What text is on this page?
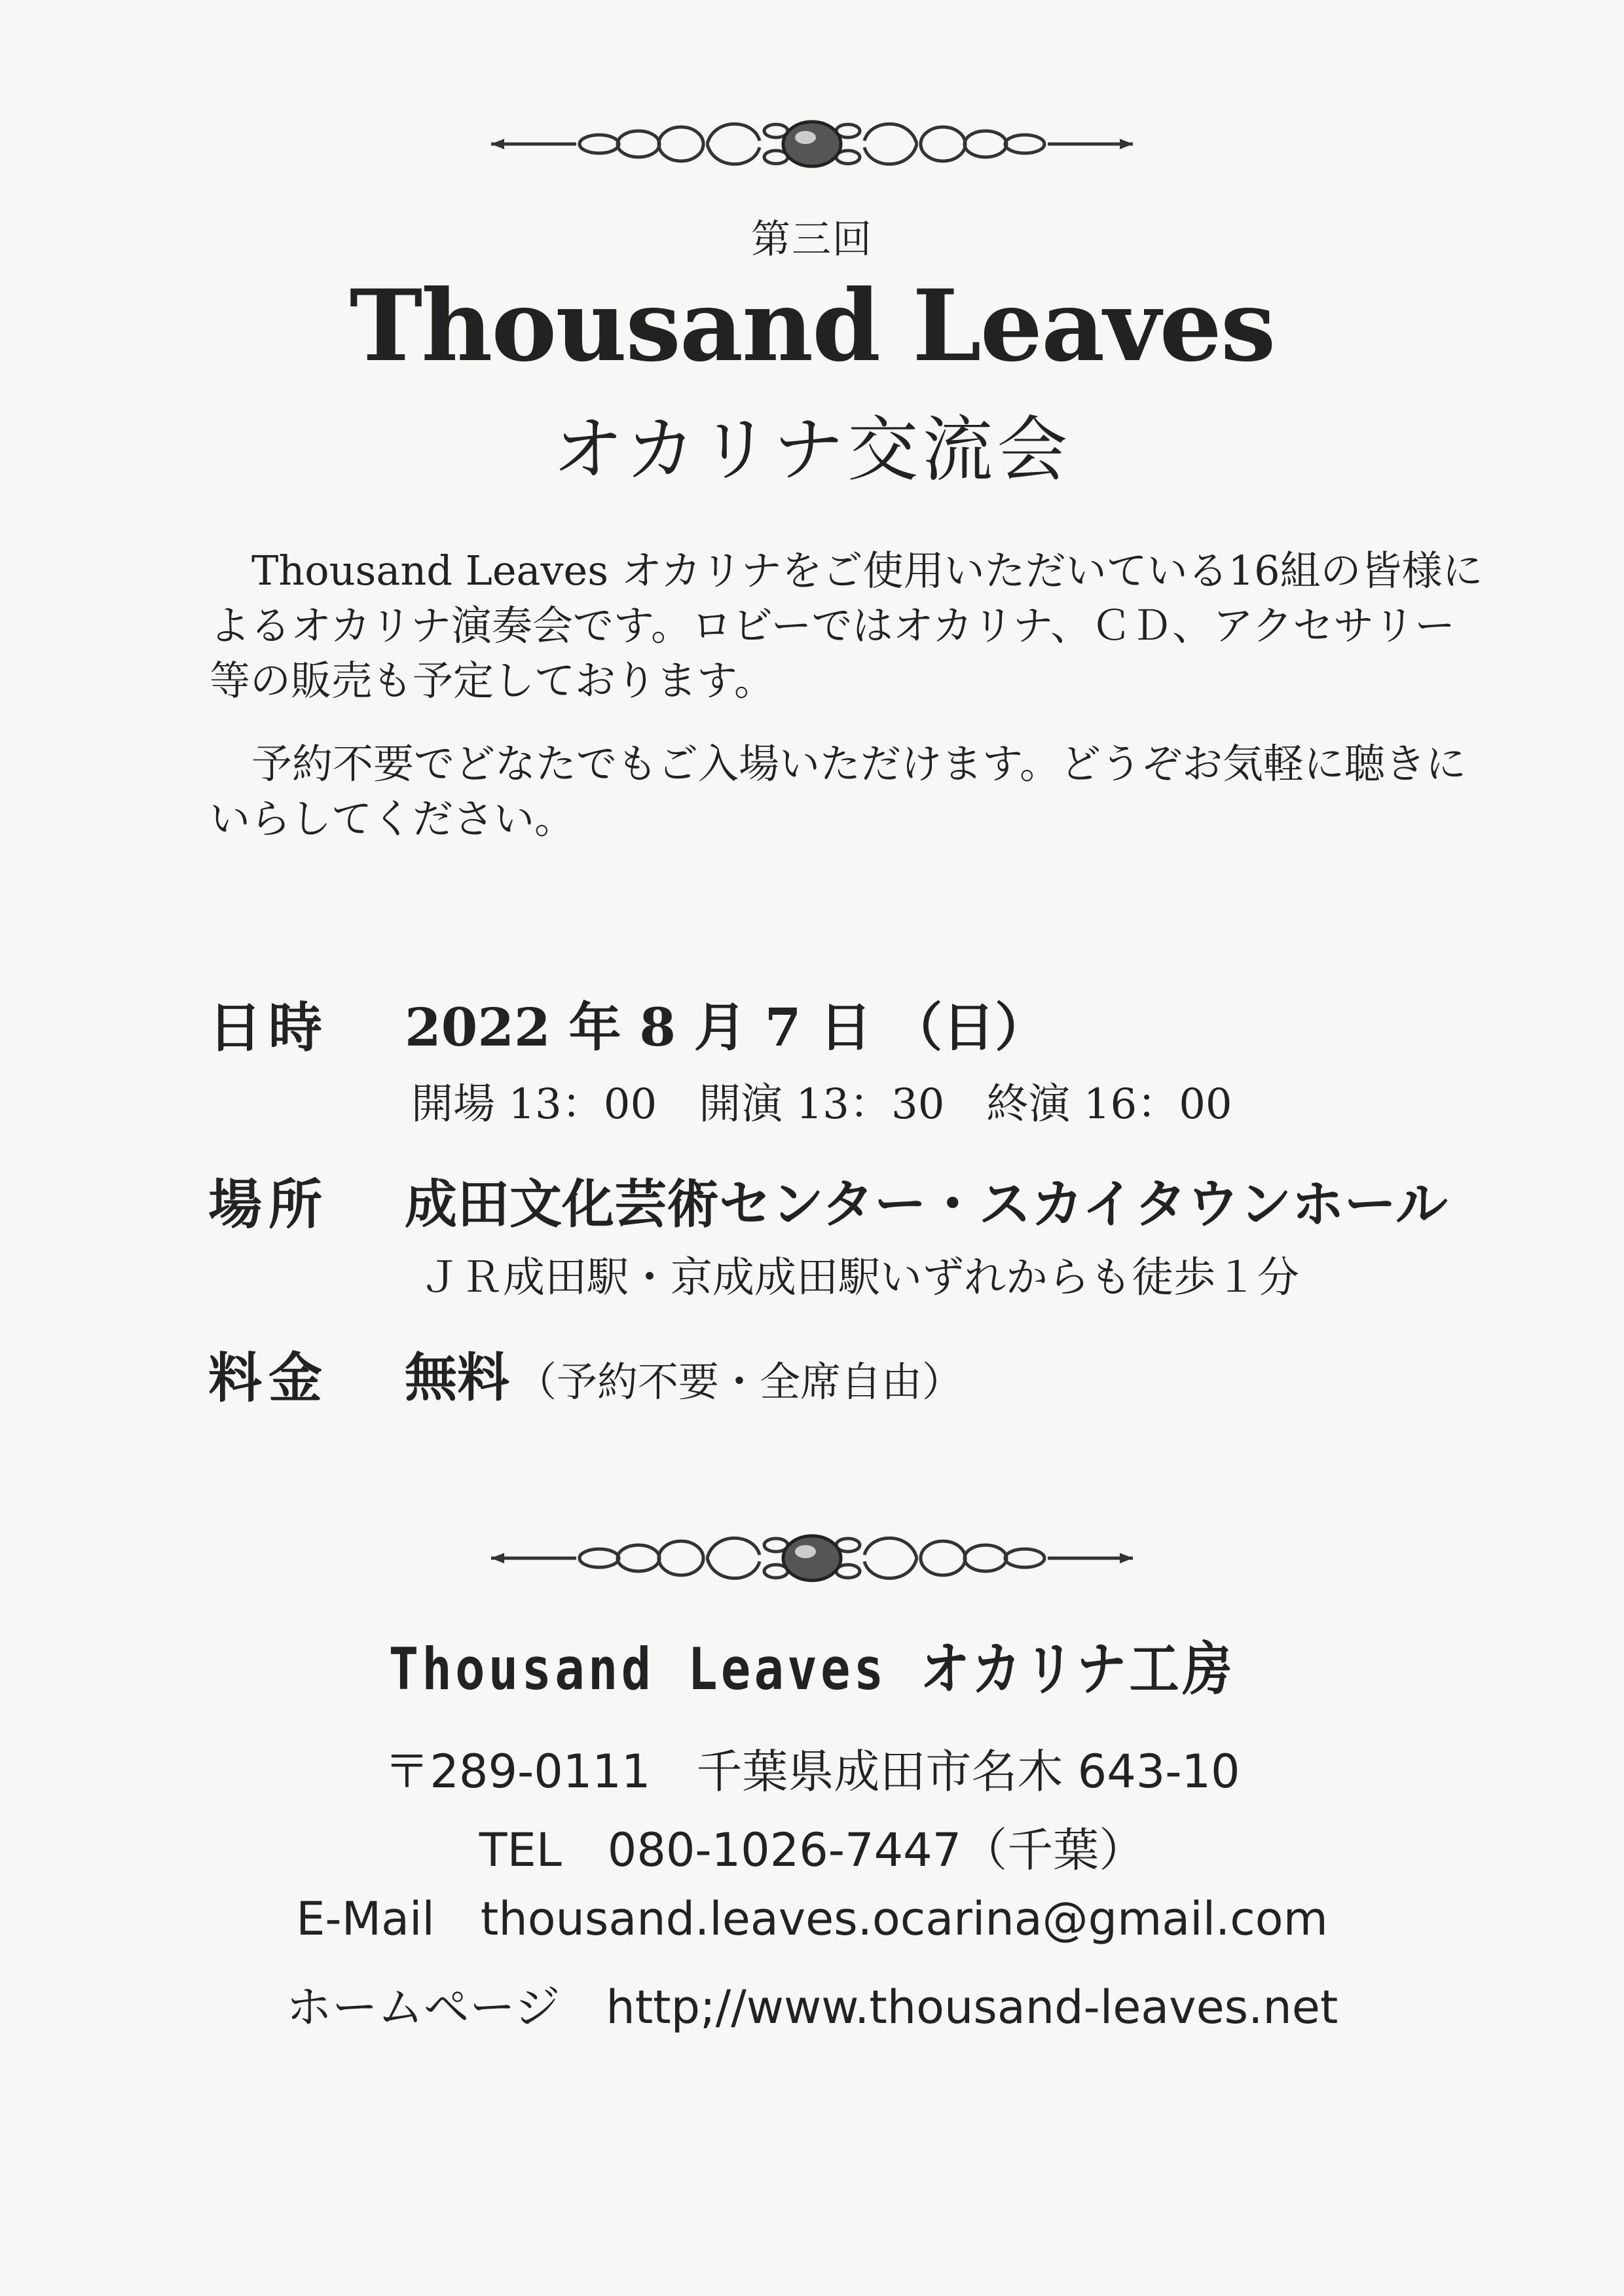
第三回
Thousand Leaves
オカリナ交流会
Thousand Leaves オカリナをご使用いただいている16組の皆様によるオカリナ演奏会です。ロビーではオカリナ、ＣＤ、アクセサリー等の販売も予定しております。
予約不要でどなたでもご入場いただけます。どうぞお気軽に聴きにいらしてください。
日時 2022 年 8 月 7 日 （日）
開場 13：00　開演 13：30　終演 16：00
場所 成田文化芸術センター・スカイタウンホール
ＪＲ成田駅・京成成田駅いずれからも徒歩１分
料金 無料 （予約不要・全席自由）
Thousand Leaves オカリナ工房
〒289-0111　千葉県成田市名木 643-10
TEL 080-1026-7447（千葉）
E-Mail thousand.leaves.ocarina@gmail.com
ホームページ http;//www.thousand-leaves.net
